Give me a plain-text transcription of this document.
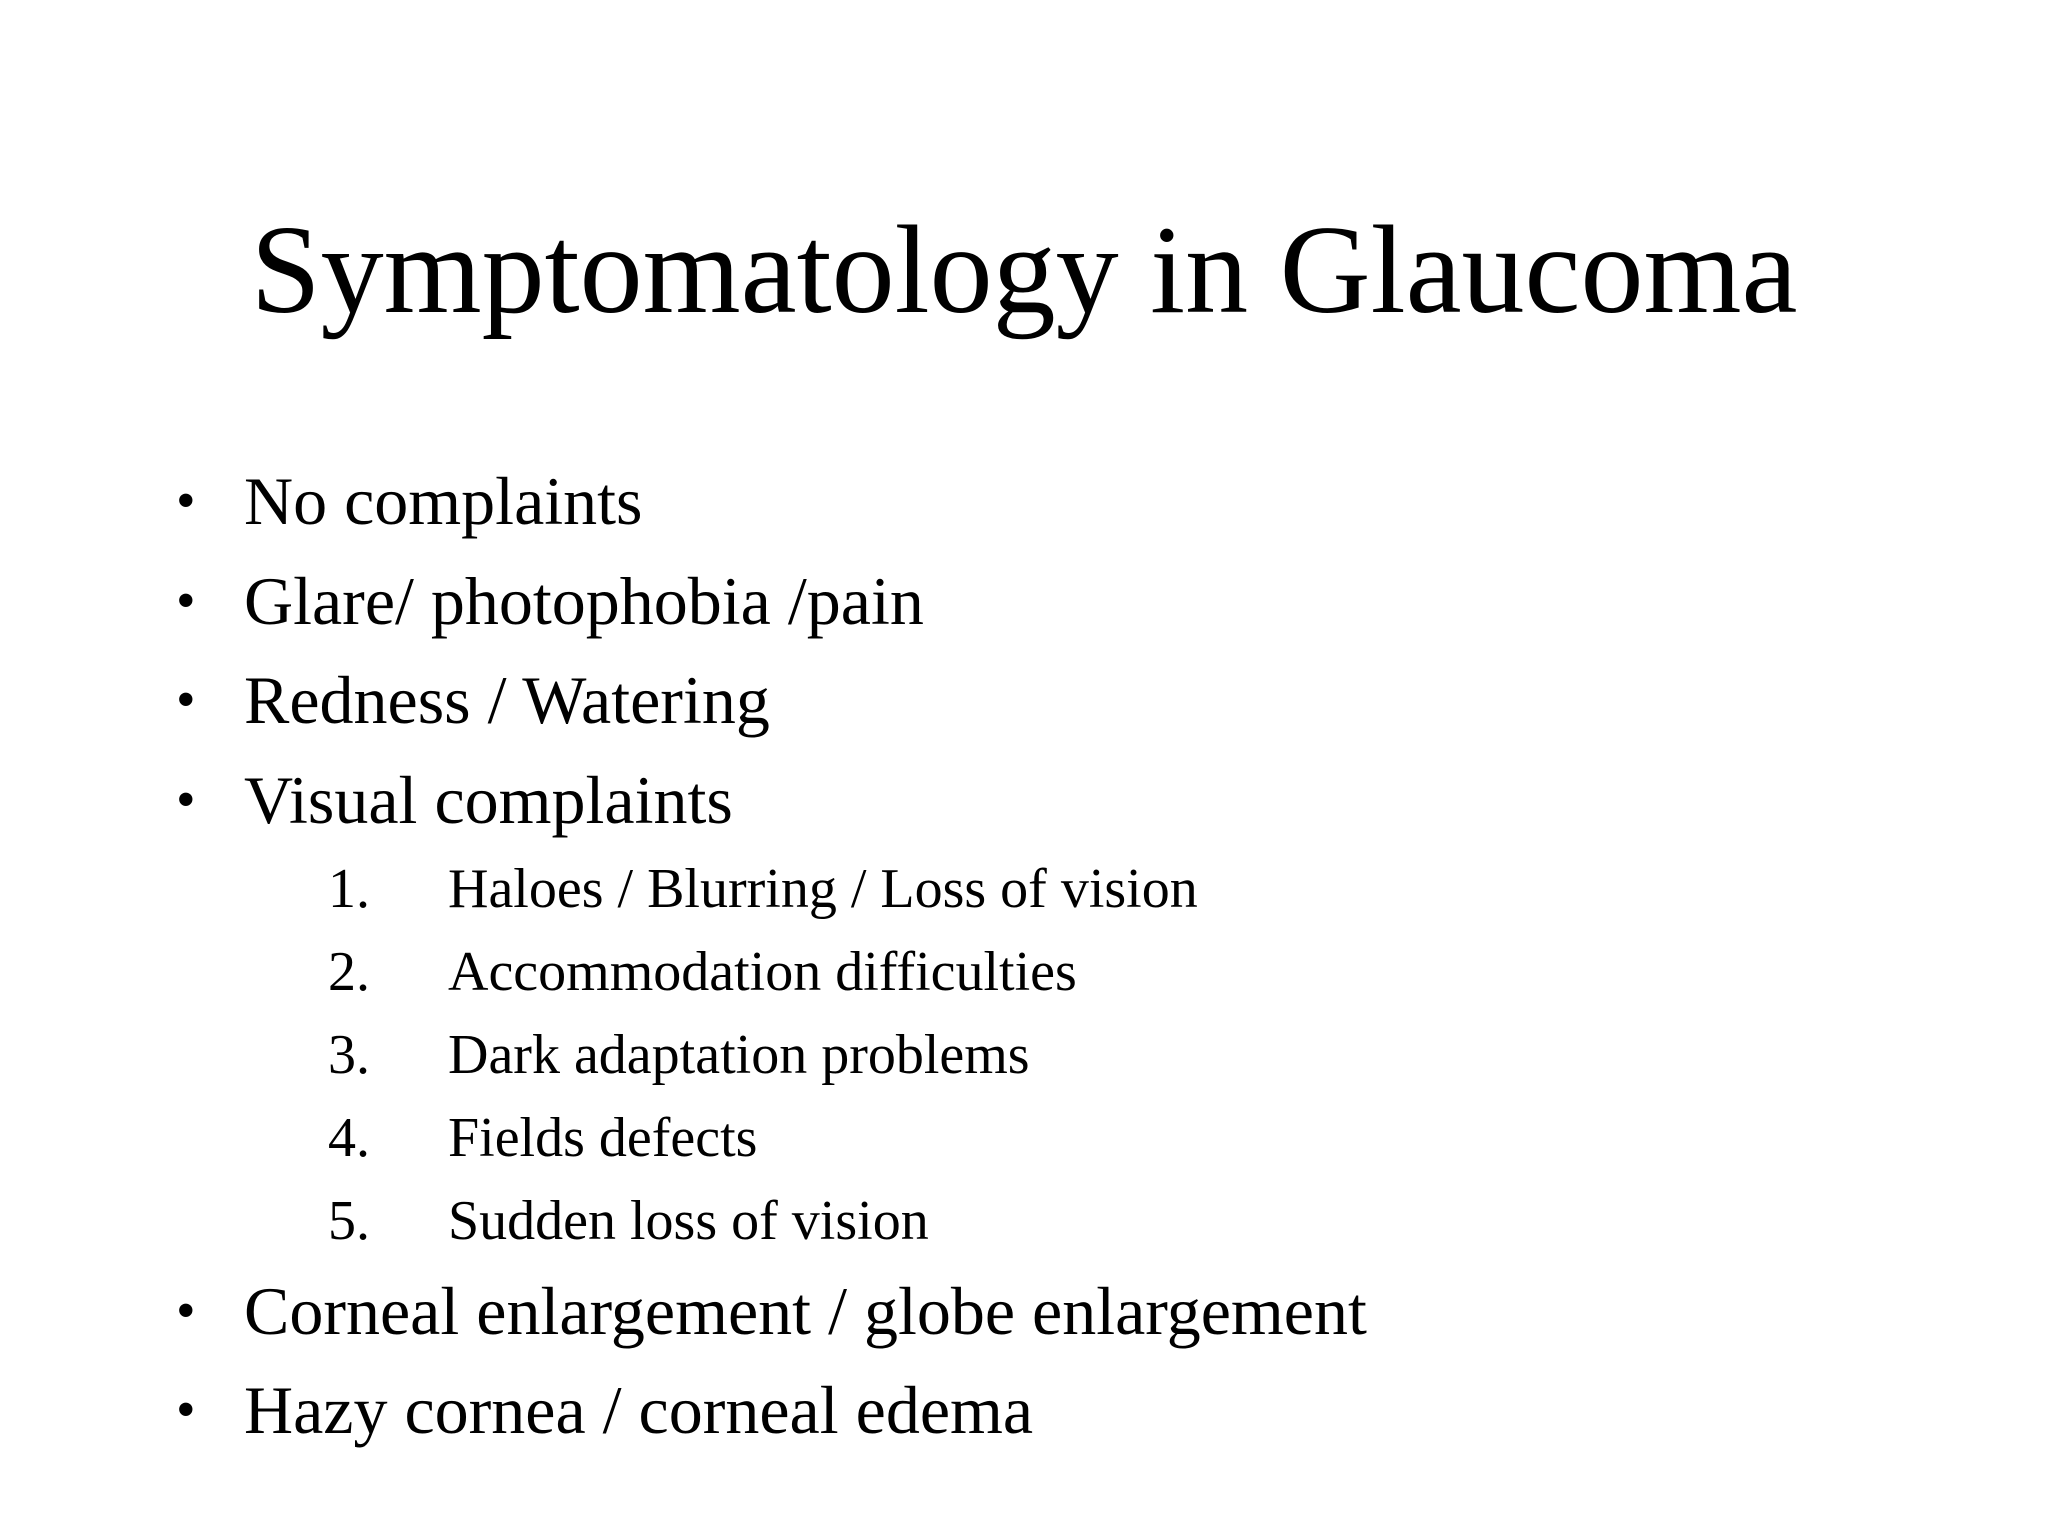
Symptomatology in Glaucoma
• No complaints
• Glare/ photophobia /pain
• Redness / Watering
• Visual complaints
1. Haloes / Blurring / Loss of vision
2. Accommodation difficulties
3. Dark adaptation problems
4. Fields defects
5. Sudden loss of vision
• Corneal enlargement / globe enlargement
• Hazy cornea / corneal edema
